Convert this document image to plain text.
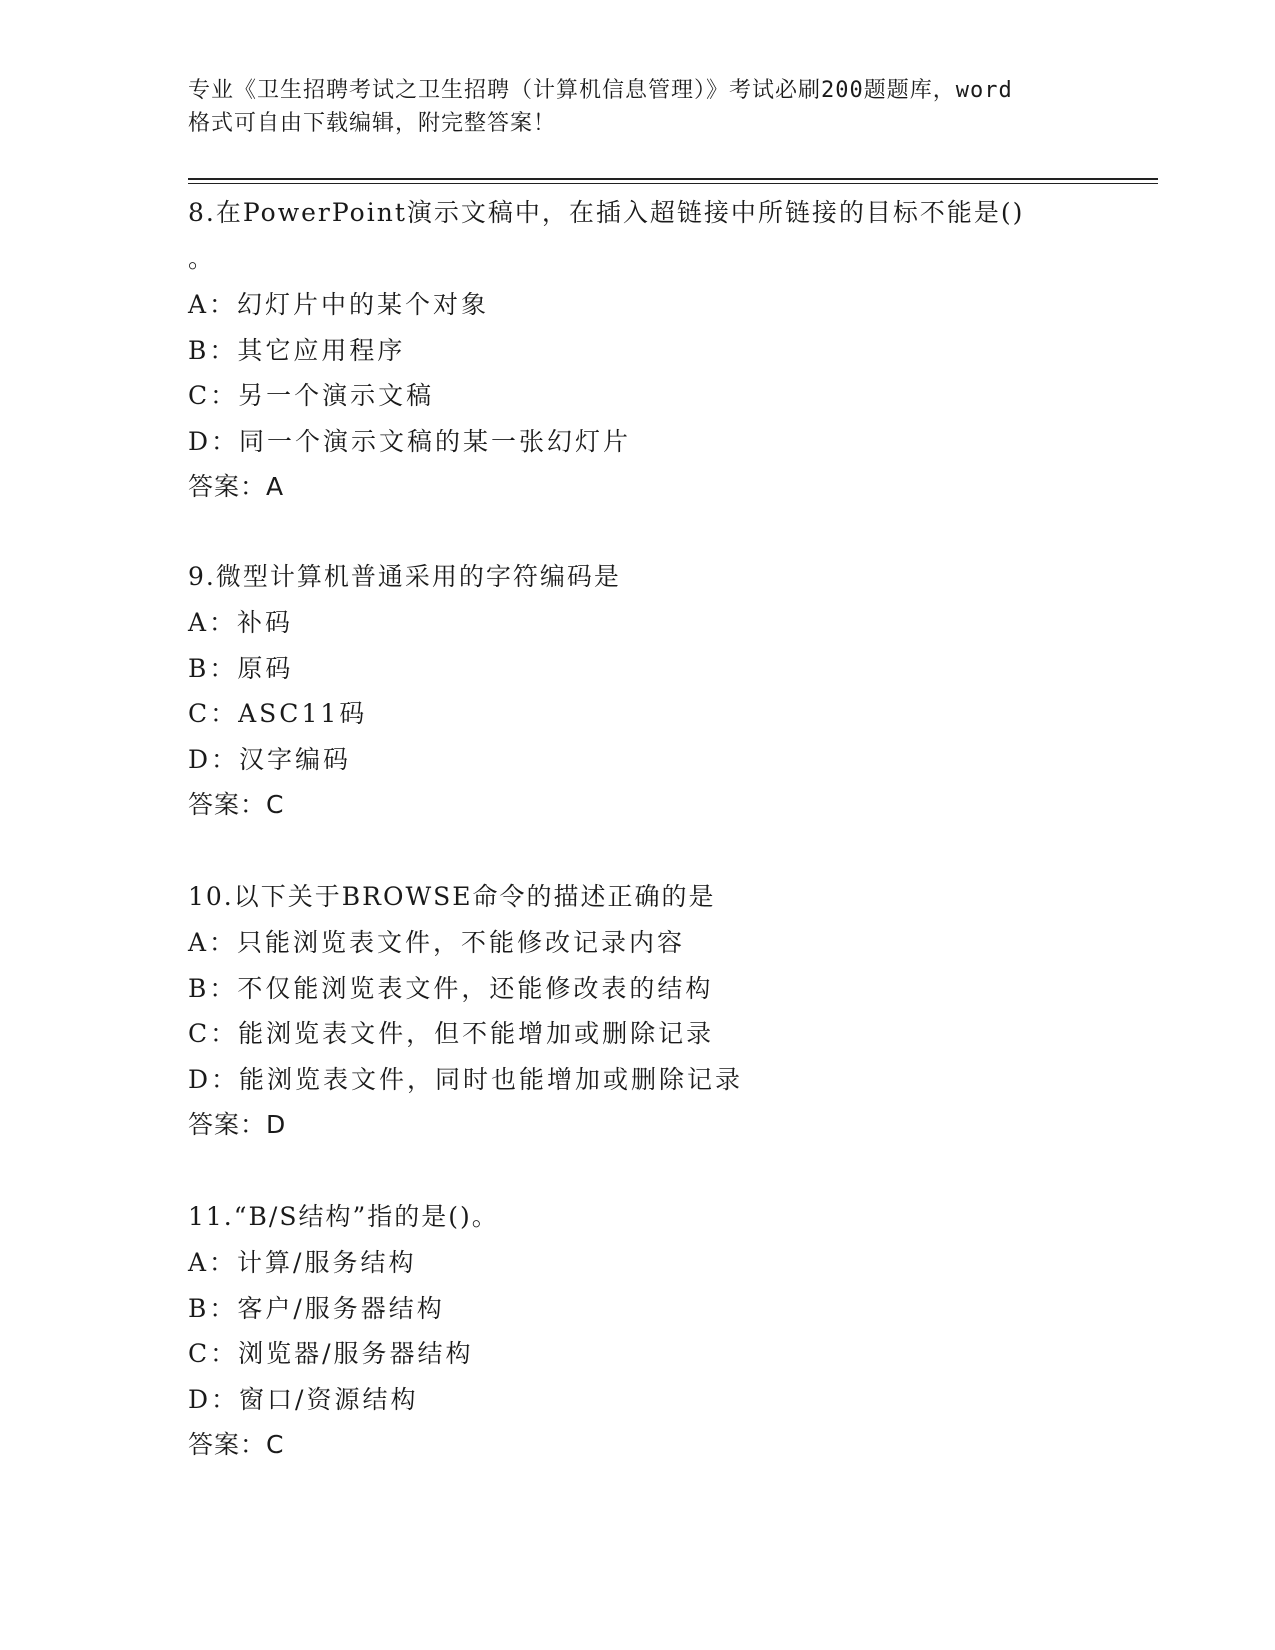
专业《卫生招聘考试之卫生招聘（计算机信息管理）》考试必刷200题题库，word
格式可自由下载编辑，附完整答案！

8.在PowerPoint演示文稿中，在插入超链接中所链接的目标不能是()

。

A：幻灯片中的某个对象

B：其它应用程序

C：另一个演示文稿

D：同一个演示文稿的某一张幻灯片

答案：A

9.微型计算机普通采用的字符编码是

A：补码

B：原码

C：ASC11码

D：汉字编码

答案：C

10.以下关于BROWSE命令的描述正确的是

A：只能浏览表文件，不能修改记录内容

B：不仅能浏览表文件，还能修改表的结构

C：能浏览表文件，但不能增加或删除记录

D：能浏览表文件，同时也能增加或删除记录

答案：D

11.“B/S结构”指的是()。

A：计算/服务结构

B：客户/服务器结构

C：浏览器/服务器结构

D：窗口/资源结构

答案：C
